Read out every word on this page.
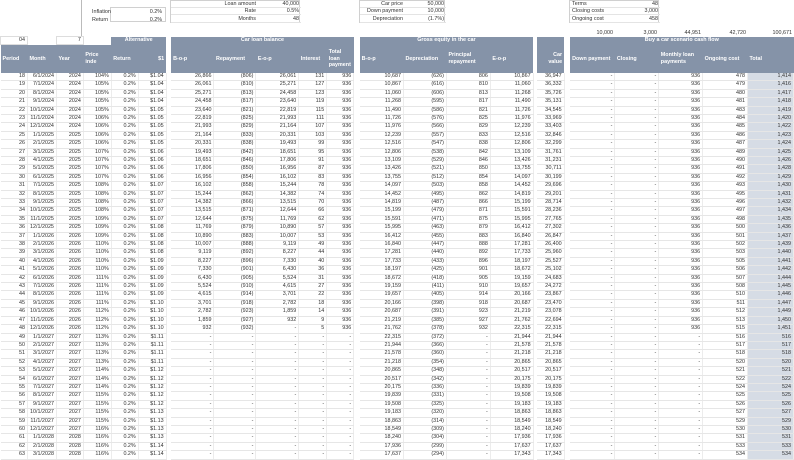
Inflation	0.2%
Return	0.2%
Loan amount	40,000
Rate	0.5%
Months	48
Car price	50,000
Down payment	10,000
Depreciation	(1.7%)
Terms	48
Closing costs	3,000
Ongoing cost	458
10,000	3,000	44,951	42,720	100,671
04		7		Alternative			Car loan balance						Gross equity in the car							Buy a car scenario cash flow				
Period	Month	Year	Price inde	Return	$1		B-o-p	Repayment	E-o-p	Interest	Total loan payment		B-o-p	Depreciation	Principal repayment	E-o-p		Car value		Down payment	Closing	Monthly loan payments	Ongoing cost	Total
18	6/1/2024	2024	104%	0.2%	$1.04		26,866	(806)	26,061	131	936		10,687	(626)	806	10,867		36,947		-	-	936	478	1,414
19	7/1/2024	2024	105%	0.2%	$1.04		26,061	(810)	25,271	127	936		10,867	(616)	810	11,060		36,332		-	-	936	479	1,416
20	8/1/2024	2024	105%	0.2%	$1.04		25,271	(813)	24,458	123	936		11,060	(606)	813	11,268		35,726		-	-	936	480	1,417
21	9/1/2024	2024	105%	0.2%	$1.04		24,458	(817)	23,640	119	936		11,268	(595)	817	11,490		35,131		-	-	936	481	1,418
22	10/1/2024	2024	105%	0.2%	$1.05		23,640	(821)	22,819	115	936		11,490	(586)	821	11,726		34,545		-	-	936	483	1,419
23	11/1/2024	2024	106%	0.2%	$1.05		22,819	(825)	21,993	111	936		11,726	(576)	825	11,976		33,969		-	-	936	484	1,420
24	12/1/2024	2024	106%	0.2%	$1.05		21,993	(829)	21,164	107	936		11,976	(566)	829	12,239		33,403		-	-	936	485	1,422
25	1/1/2025	2025	106%	0.2%	$1.05		21,164	(833)	20,331	103	936		12,239	(557)	833	12,516		32,846		-	-	936	486	1,423
26	2/1/2025	2025	106%	0.2%	$1.05		20,331	(838)	19,493	99	936		12,516	(547)	838	12,806		32,299		-	-	936	487	1,424
27	3/1/2025	2025	107%	0.2%	$1.06		19,493	(842)	18,651	95	936		12,806	(538)	842	13,109		31,761		-	-	936	489	1,425
28	4/1/2025	2025	107%	0.2%	$1.06		18,651	(846)	17,806	91	936		13,109	(529)	846	13,426		31,231		-	-	936	490	1,426
29	5/1/2025	2025	107%	0.2%	$1.06		17,806	(850)	16,956	87	936		13,426	(521)	850	13,755		30,711		-	-	936	491	1,428
30	6/1/2025	2025	107%	0.2%	$1.06		16,956	(854)	16,102	83	936		13,755	(512)	854	14,097		30,199		-	-	936	492	1,429
31	7/1/2025	2025	108%	0.2%	$1.07		16,102	(858)	15,244	78	936		14,097	(503)	858	14,452		29,696		-	-	936	493	1,430
32	8/1/2025	2025	108%	0.2%	$1.07		15,244	(862)	14,382	74	936		14,452	(495)	862	14,819		29,201		-	-	936	495	1,431
33	9/1/2025	2025	108%	0.2%	$1.07		14,382	(866)	13,515	70	936		14,819	(487)	866	15,199		28,714		-	-	936	496	1,432
34	10/1/2025	2025	108%	0.2%	$1.07		13,515	(871)	12,644	66	936		15,199	(479)	871	15,591		28,236		-	-	936	497	1,434
35	11/1/2025	2025	109%	0.2%	$1.07		12,644	(875)	11,769	62	936		15,591	(471)	875	15,995		27,765		-	-	936	498	1,435
36	12/1/2025	2025	109%	0.2%	$1.08		11,769	(879)	10,890	57	936		15,995	(463)	879	16,412		27,302		-	-	936	500	1,436
37	1/1/2026	2026	109%	0.2%	$1.08		10,890	(883)	10,007	53	936		16,412	(455)	883	16,840		26,847		-	-	936	501	1,437
38	2/1/2026	2026	110%	0.2%	$1.08		10,007	(888)	9,119	49	936		16,840	(447)	888	17,281		26,400		-	-	936	502	1,439
39	3/1/2026	2026	110%	0.2%	$1.08		9,119	(892)	8,227	44	936		17,281	(440)	892	17,733		25,960		-	-	936	503	1,440
40	4/1/2026	2026	110%	0.2%	$1.09		8,227	(896)	7,330	40	936		17,733	(433)	896	18,197		25,527		-	-	936	505	1,441
41	5/1/2026	2026	110%	0.2%	$1.09		7,330	(901)	6,430	36	936		18,197	(425)	901	18,672		25,102		-	-	936	506	1,442
42	6/1/2026	2026	111%	0.2%	$1.09		6,430	(905)	5,524	31	936		18,672	(418)	905	19,159		24,683		-	-	936	507	1,444
43	7/1/2026	2026	111%	0.2%	$1.09		5,524	(910)	4,615	27	936		19,159	(411)	910	19,657		24,272		-	-	936	508	1,445
44	8/1/2026	2026	111%	0.2%	$1.09		4,615	(914)	3,701	22	936		19,657	(405)	914	20,166		23,867		-	-	936	510	1,446
45	9/1/2026	2026	111%	0.2%	$1.10		3,701	(918)	2,782	18	936		20,166	(398)	918	20,687		23,470		-	-	936	511	1,447
46	10/1/2026	2026	112%	0.2%	$1.10		2,782	(923)	1,859	14	936		20,687	(391)	923	21,219		23,078		-	-	936	512	1,449
47	11/1/2026	2026	112%	0.2%	$1.10		1,859	(927)	932	9	936		21,219	(385)	927	21,762		22,694		-	-	936	513	1,450
48	12/1/2026	2026	112%	0.2%	$1.10		932	(932)	-	5	936		21,762	(378)	932	22,315		22,315		-	-	936	515	1,451
49	1/1/2027	2027	113%	0.2%	$1.11		-	-	-	-	-		22,315	(372)	-	21,944		21,944		-	-	-	516	516
50	2/1/2027	2027	113%	0.2%	$1.11		-	-	-	-	-		21,944	(366)	-	21,578		21,578		-	-	-	517	517
51	3/1/2027	2027	113%	0.2%	$1.11		-	-	-	-	-		21,578	(360)	-	21,218		21,218		-	-	-	518	518
52	4/1/2027	2027	113%	0.2%	$1.11		-	-	-	-	-		21,218	(354)	-	20,865		20,865		-	-	-	520	520
53	5/1/2027	2027	114%	0.2%	$1.12		-	-	-	-	-		20,865	(348)	-	20,517		20,517		-	-	-	521	521
54	6/1/2027	2027	114%	0.2%	$1.12		-	-	-	-	-		20,517	(342)	-	20,175		20,175		-	-	-	522	522
55	7/1/2027	2027	114%	0.2%	$1.12		-	-	-	-	-		20,175	(336)	-	19,839		19,839		-	-	-	524	524
56	8/1/2027	2027	115%	0.2%	$1.12		-	-	-	-	-		19,839	(331)	-	19,508		19,508		-	-	-	525	525
57	9/1/2027	2027	115%	0.2%	$1.12		-	-	-	-	-		19,508	(325)	-	19,183		19,183		-	-	-	526	526
58	10/1/2027	2027	115%	0.2%	$1.13		-	-	-	-	-		19,183	(320)	-	18,863		18,863		-	-	-	527	527
59	11/1/2027	2027	115%	0.2%	$1.13		-	-	-	-	-		18,863	(314)	-	18,549		18,549		-	-	-	529	529
60	12/1/2027	2027	116%	0.2%	$1.13		-	-	-	-	-		18,549	(309)	-	18,240		18,240		-	-	-	530	530
61	1/1/2028	2028	116%	0.2%	$1.13		-	-	-	-	-		18,240	(304)	-	17,936		17,936		-	-	-	531	531
62	2/1/2028	2028	116%	0.2%	$1.14		-	-	-	-	-		17,936	(299)	-	17,637		17,637		-	-	-	533	533
63	3/1/2028	2028	116%	0.2%	$1.14		-	-	-	-	-		17,637	(294)	-	17,343		17,343		-	-	-	534	534
